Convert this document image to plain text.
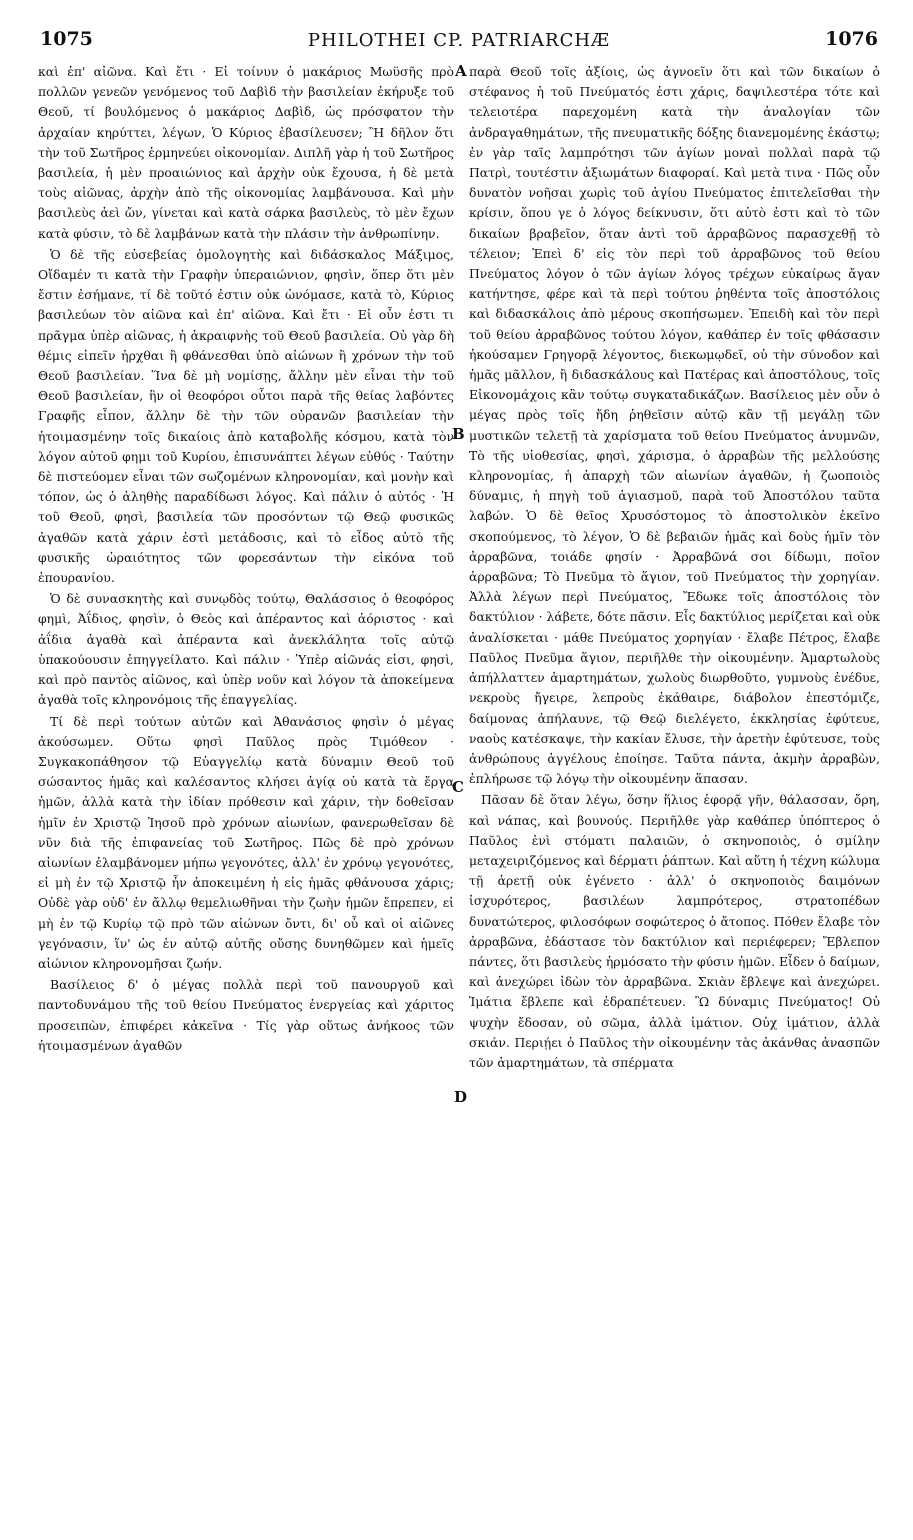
1075	PHILOTHEI CP. PATRIARCHÆ	1076
A
B
C
D

καὶ ἐπ' αἰῶνα. Καὶ ἔτι · Εἰ τοίνυν ὁ μακάριος Μωϋσῆς πρὸ πολλῶν γενεῶν γενόμενος τοῦ Δαβὶδ τὴν βασιλείαν ἐκήρυξε τοῦ Θεοῦ, τί βουλόμενος ὁ μακάριος Δαβὶδ, ὡς πρόσφατον τὴν ἀρχαίαν κηρύττει, λέγων, Ὁ Κύριος ἐβασίλευσεν; Ἢ δῆλον ὅτι τὴν τοῦ Σωτῆρος ἑρμηνεύει οἰκονομίαν. Διπλῆ γὰρ ἡ τοῦ Σωτῆρος βασιλεία, ἡ μὲν προαιώνιος καὶ ἀρχὴν οὐκ ἔχουσα, ἡ δὲ μετὰ τοὺς αἰῶνας, ἀρχὴν ἀπὸ τῆς οἰκονομίας λαμβάνουσα. Καὶ μὴν βασιλεὺς ἀεὶ ὤν, γίνεται καὶ κατὰ σάρκα βασιλεὺς, τὸ μὲν ἔχων κατὰ φύσιν, τὸ δὲ λαμβάνων κατὰ τὴν πλάσιν τὴν ἀνθρωπίνην.

Ὁ δὲ τῆς εὐσεβείας ὁμολογητὴς καὶ διδάσκαλος Μάξιμος, Οἴδαμέν τι κατὰ τὴν Γραφὴν ὑπεραιώνιον, φησὶν, ὅπερ ὅτι μὲν ἔστιν ἐσήμανε, τί δὲ τοῦτό ἐστιν οὐκ ὠνόμασε, κατὰ τὸ, Κύριος βασιλεύων τὸν αἰῶνα καὶ ἐπ' αἰῶνα. Καὶ ἔτι · Εἰ οὖν ἐστι τι πρᾶγμα ὑπὲρ αἰῶνας, ἡ ἀκραιφνὴς τοῦ Θεοῦ βασιλεία. Οὐ γὰρ δὴ θέμις εἰπεῖν ἠρχθαι ἢ φθάνεσθαι ὑπὸ αἰώνων ἢ χρόνων τὴν τοῦ Θεοῦ βασιλείαν. Ἵνα δὲ μὴ νομίσῃς, ἄλλην μὲν εἶναι τὴν τοῦ Θεοῦ βασιλείαν, ἣν οἱ θεοφόροι οὗτοι παρὰ τῆς θείας λαβόντες Γραφῆς εἶπον, ἄλλην δὲ τὴν τῶν οὐρανῶν βασιλείαν τὴν ἡτοιμασμένην τοῖς δικαίοις ἀπὸ καταβολῆς κόσμου, κατὰ τὸν λόγον αὐτοῦ φημι τοῦ Κυρίου, ἐπισυνάπτει λέγων εὐθύς · Ταύτην δὲ πιστεύομεν εἶναι τῶν σωζομένων κληρονομίαν, καὶ μονὴν καὶ τόπον, ὡς ὁ ἀληθὴς παραδίδωσι λόγος. Καὶ πάλιν ὁ αὐτός · Ἡ τοῦ Θεοῦ, φησὶ, βασιλεία τῶν προσόντων τῷ Θεῷ φυσικῶς ἀγαθῶν κατὰ χάριν ἐστὶ μετάδοσις, καὶ τὸ εἶδος αὐτὸ τῆς φυσικῆς ὡραιότητος τῶν φορεσάντων τὴν εἰκόνα τοῦ ἐπουρανίου.

Ὁ δὲ συνασκητὴς καὶ συνῳδὸς τούτῳ, Θαλάσσιος ὁ θεοφόρος φημὶ, Ἀΐδιος, φησὶν, ὁ Θεὸς καὶ ἀπέραντος καὶ ἀόριστος · καὶ ἀΐδια ἀγαθὰ καὶ ἀπέραντα καὶ ἀνεκλάλητα τοῖς αὐτῷ ὑπακούουσιν ἐπηγγείλατο. Καὶ πάλιν · Ὑπὲρ αἰῶνάς εἰσι, φησὶ, καὶ πρὸ παντὸς αἰῶνος, καὶ ὑπὲρ νοῦν καὶ λόγον τὰ ἀποκείμενα ἀγαθὰ τοῖς κληρονόμοις τῆς ἐπαγγελίας.

Τί δὲ περὶ τούτων αὐτῶν καὶ Ἀθανάσιος φησὶν ὁ μέγας ἀκούσωμεν. Οὕτω φησὶ Παῦλος πρὸς Τιμόθεον · Συγκακοπάθησον τῷ Εὐαγγελίῳ κατὰ δύναμιν Θεοῦ τοῦ σώσαντος ἡμᾶς καὶ καλέσαντος κλήσει ἁγίᾳ οὐ κατὰ τὰ ἔργα ἡμῶν, ἀλλὰ κατὰ τὴν ἰδίαν πρόθεσιν καὶ χάριν, τὴν δοθεῖσαν ἡμῖν ἐν Χριστῷ Ἰησοῦ πρὸ χρόνων αἰωνίων, φανερωθεῖσαν δὲ νῦν διὰ τῆς ἐπιφανείας τοῦ Σωτῆρος. Πῶς δὲ πρὸ χρόνων αἰωνίων ἐλαμβάνομεν μήπω γεγονότες, ἀλλ' ἐν χρόνῳ γεγονότες, εἰ μὴ ἐν τῷ Χριστῷ ἦν ἀποκειμένη ἡ εἰς ἡμᾶς φθάνουσα χάρις; Οὐδὲ γὰρ οὐδ' ἐν ἄλλῳ θεμελιωθῆναι τὴν ζωὴν ἡμῶν ἔπρεπεν, εἰ μὴ ἐν τῷ Κυρίῳ τῷ πρὸ τῶν αἰώνων ὄντι, δι' οὗ καὶ οἱ αἰῶνες γεγόνασιν, ἵν' ὡς ἐν αὐτῷ αὐτῆς οὔσης δυνηθῶμεν καὶ ἡμεῖς αἰώνιον κληρονομῆσαι ζωήν.

Βασίλειος δ' ὁ μέγας πολλὰ περὶ τοῦ πανουργοῦ καὶ παντοδυνάμου τῆς τοῦ θείου Πνεύματος ἐνεργείας καὶ χάριτος προσειπὼν, ἐπιφέρει κἀκεῖνα · Τίς γὰρ οὕτως ἀνήκοος τῶν ἡτοιμασμένων ἀγαθῶν

παρὰ Θεοῦ τοῖς ἀξίοις, ὡς ἀγνοεῖν ὅτι καὶ τῶν δικαίων ὁ στέφανος ἡ τοῦ Πνεύματός ἐστι χάρις, δαψιλεστέρα τότε καὶ τελειοτέρα παρεχομένη κατὰ τὴν ἀναλογίαν τῶν ἀνδραγαθημάτων, τῆς πνευματικῆς δόξης διανεμομένης ἑκάστῳ; ἐν γὰρ ταῖς λαμπρότησι τῶν ἁγίων μοναὶ πολλαὶ παρὰ τῷ Πατρὶ, τουτέστιν ἀξιωμάτων διαφοραί. Καὶ μετὰ τινα · Πῶς οὖν δυνατὸν νοῆσαι χωρὶς τοῦ ἁγίου Πνεύματος ἐπιτελεῖσθαι τὴν κρίσιν, ὅπου γε ὁ λόγος δείκνυσιν, ὅτι αὐτὸ ἐστι καὶ τὸ τῶν δικαίων βραβεῖον, ὅταν ἀντὶ τοῦ ἀρραβῶνος παρασχεθῇ τὸ τέλειον; Ἐπεὶ δ' εἰς τὸν περὶ τοῦ ἀρραβῶνος τοῦ θείου Πνεύματος λόγον ὁ τῶν ἁγίων λόγος τρέχων εὐκαίρως ἄγαν κατήντησε, φέρε καὶ τὰ περὶ τούτου ῥηθέντα τοῖς ἀποστόλοις καὶ διδασκάλοις ἀπὸ μέρους σκοπήσωμεν. Ἐπειδὴ καὶ τὸν περὶ τοῦ θείου ἀρραβῶνος τούτου λόγον, καθάπερ ἐν τοῖς φθάσασιν ἠκούσαμεν Γρηγορᾷ λέγοντος, διεκωμῳδεῖ, οὐ τὴν σύνοδον καὶ ἡμᾶς μᾶλλον, ἢ διδασκάλους καὶ Πατέρας καὶ ἀποστόλους, τοῖς Εἰκονομάχοις κἂν τούτῳ συγκαταδικάζων. Βασίλειος μὲν οὖν ὁ μέγας πρὸς τοῖς ἤδη ῥηθεῖσιν αὐτῷ κἂν τῇ μεγάλῃ τῶν μυστικῶν τελετῇ τὰ χαρίσματα τοῦ θείου Πνεύματος ἀνυμνῶν, Τὸ τῆς υἱοθεσίας, φησὶ, χάρισμα, ὁ ἀρραβὼν τῆς μελλούσης κληρονομίας, ἡ ἀπαρχὴ τῶν αἰωνίων ἀγαθῶν, ἡ ζωοποιὸς δύναμις, ἡ πηγὴ τοῦ ἁγιασμοῦ, παρὰ τοῦ Ἀποστόλου ταῦτα λαβών. Ὁ δὲ θεῖος Χρυσόστομος τὸ ἀποστολικὸν ἐκεῖνο σκοπούμενος, τὸ λέγον, Ὁ δὲ βεβαιῶν ἡμᾶς καὶ δοὺς ἡμῖν τὸν ἀρραβῶνα, τοιάδε φησίν · Ἀρραβῶνά σοι δίδωμι, ποῖον ἀρραβῶνα; Τὸ Πνεῦμα τὸ ἅγιον, τοῦ Πνεύματος τὴν χορηγίαν. Ἀλλὰ λέγων περὶ Πνεύματος, Ἔδωκε τοῖς ἀποστόλοις τὸν δακτύλιον · λάβετε, δότε πᾶσιν. Εἷς δακτύλιος μερίζεται καὶ οὐκ ἀναλίσκεται · μάθε Πνεύματος χορηγίαν · ἔλαβε Πέτρος, ἔλαβε Παῦλος Πνεῦμα ἅγιον, περιῆλθε τὴν οἰκουμένην. Ἁμαρτωλοὺς ἀπήλλαττεν ἁμαρτημάτων, χωλοὺς διωρθοῦτο, γυμνοὺς ἐνέδυε, νεκροὺς ἤγειρε, λεπροὺς ἐκάθαιρε, διάβολον ἐπεστόμιζε, δαίμονας ἀπήλαυνε, τῷ Θεῷ διελέγετο, ἐκκλησίας ἐφύτευε, ναοὺς κατέσκαψε, τὴν κακίαν ἔλυσε, τὴν ἀρετὴν ἐφύτευσε, τοὺς ἀνθρώπους ἀγγέλους ἐποίησε. Ταῦτα πάντα, ἀκμὴν ἀρραβὼν, ἐπλήρωσε τῷ λόγῳ τὴν οἰκουμένην ἅπασαν.

Πᾶσαν δὲ ὅταν λέγω, ὅσην ἥλιος ἐφορᾷ γῆν, θάλασσαν, ὄρη, καὶ νάπας, καὶ βουνούς. Περιῆλθε γὰρ καθάπερ ὑπόπτερος ὁ Παῦλος ἑνὶ στόματι παλαιῶν, ὁ σκηνοποιὸς, ὁ σμίλην μεταχειριζόμενος καὶ δέρματι ῥάπτων. Καὶ αὕτη ἡ τέχνη κώλυμα τῇ ἀρετῇ οὐκ ἐγένετο · ἀλλ' ὁ σκηνοποιὸς δαιμόνων ἰσχυρότερος, βασιλέων λαμπρότερος, στρατοπέδων δυνατώτερος, φιλοσόφων σοφώτερος ὁ ἄτοπος. Πόθεν ἔλαβε τὸν ἀρραβῶνα, ἐδάστασε τὸν δακτύλιον καὶ περιέφερεν; Ἔβλεπον πάντες, ὅτι βασιλεὺς ἡρμόσατο τὴν φύσιν ἡμῶν. Εἶδεν ὁ δαίμων, καὶ ἀνεχώρει ἰδὼν τὸν ἀρραβῶνα. Σκιὰν ἔβλεψε καὶ ἀνεχώρει. Ἱμάτια ἔβλεπε καὶ ἐδραπέτευεν. Ὢ δύναμις Πνεύματος! Οὐ ψυχὴν ἔδοσαν, οὐ σῶμα, ἀλλὰ ἱμάτιον. Οὐχ ἱμάτιον, ἀλλὰ σκιάν. Περιῄει ὁ Παῦλος τὴν οἰκουμένην τὰς ἀκάνθας ἀνασπῶν τῶν ἁμαρτημάτων, τὰ σπέρματα
